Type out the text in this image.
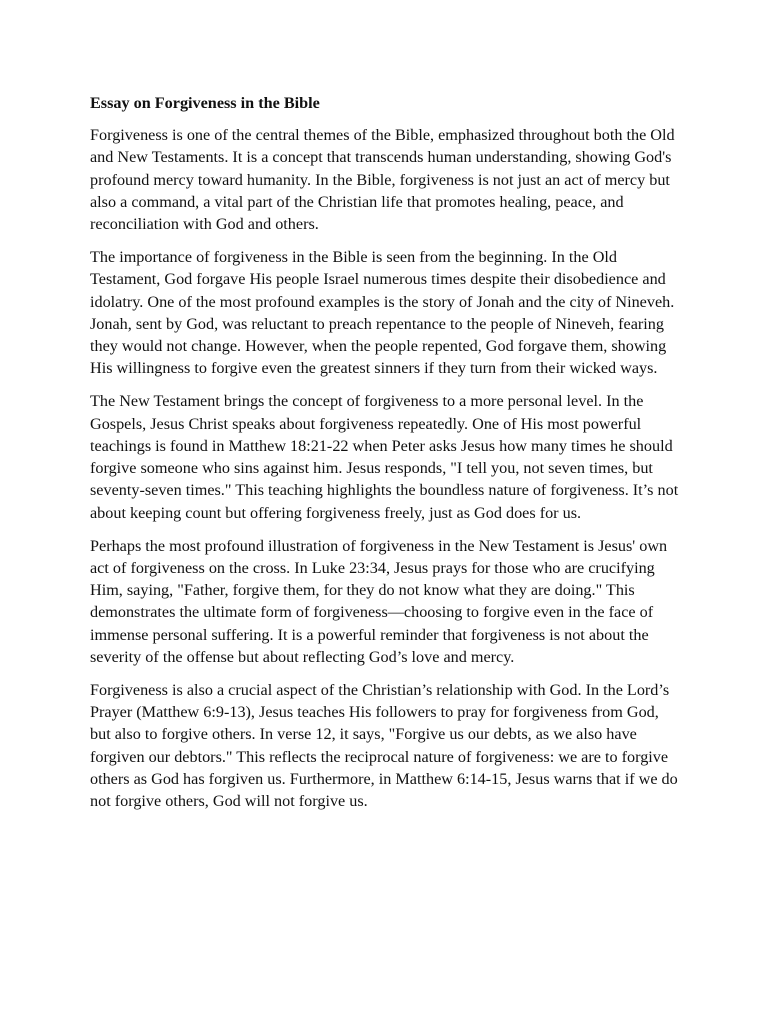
Essay on Forgiveness in the Bible

Forgiveness is one of the central themes of the Bible, emphasized throughout both the Old and New Testaments. It is a concept that transcends human understanding, showing God's profound mercy toward humanity. In the Bible, forgiveness is not just an act of mercy but also a command, a vital part of the Christian life that promotes healing, peace, and reconciliation with God and others.

The importance of forgiveness in the Bible is seen from the beginning. In the Old Testament, God forgave His people Israel numerous times despite their disobedience and idolatry. One of the most profound examples is the story of Jonah and the city of Nineveh. Jonah, sent by God, was reluctant to preach repentance to the people of Nineveh, fearing they would not change. However, when the people repented, God forgave them, showing His willingness to forgive even the greatest sinners if they turn from their wicked ways.

The New Testament brings the concept of forgiveness to a more personal level. In the Gospels, Jesus Christ speaks about forgiveness repeatedly. One of His most powerful teachings is found in Matthew 18:21-22 when Peter asks Jesus how many times he should forgive someone who sins against him. Jesus responds, "I tell you, not seven times, but seventy-seven times." This teaching highlights the boundless nature of forgiveness. It’s not about keeping count but offering forgiveness freely, just as God does for us.

Perhaps the most profound illustration of forgiveness in the New Testament is Jesus' own act of forgiveness on the cross. In Luke 23:34, Jesus prays for those who are crucifying Him, saying, "Father, forgive them, for they do not know what they are doing." This demonstrates the ultimate form of forgiveness—choosing to forgive even in the face of immense personal suffering. It is a powerful reminder that forgiveness is not about the severity of the offense but about reflecting God’s love and mercy.

Forgiveness is also a crucial aspect of the Christian’s relationship with God. In the Lord’s Prayer (Matthew 6:9-13), Jesus teaches His followers to pray for forgiveness from God, but also to forgive others. In verse 12, it says, "Forgive us our debts, as we also have forgiven our debtors." This reflects the reciprocal nature of forgiveness: we are to forgive others as God has forgiven us. Furthermore, in Matthew 6:14-15, Jesus warns that if we do not forgive others, God will not forgive us.
